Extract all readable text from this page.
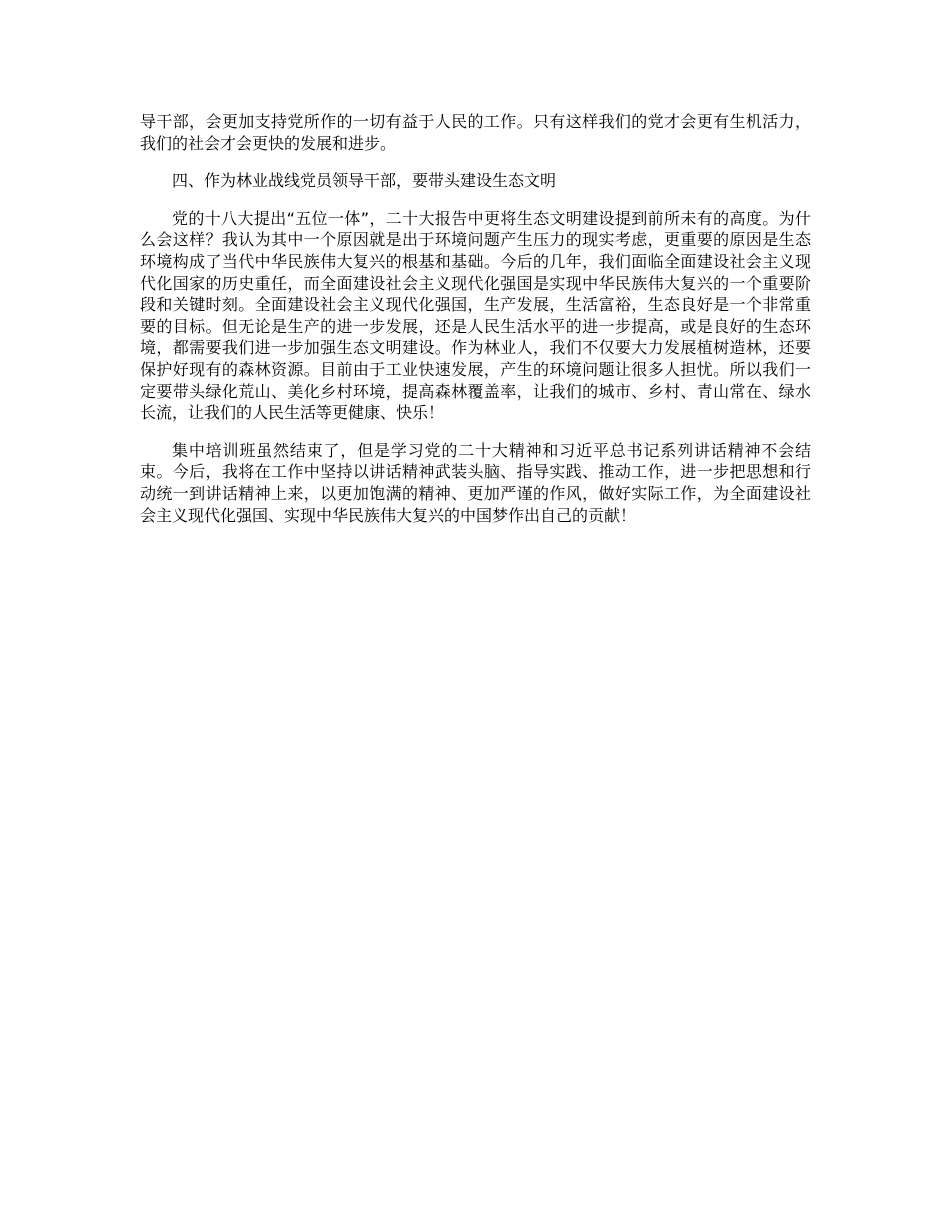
导干部，会更加支持党所作的一切有益于人民的工作。只有这样我们的党才会更有生机活力，我们的社会才会更快的发展和进步。

四、作为林业战线党员领导干部，要带头建设生态文明

党的十八大提出“五位一体”，二十大报告中更将生态文明建设提到前所未有的高度。为什么会这样？我认为其中一个原因就是出于环境问题产生压力的现实考虑，更重要的原因是生态环境构成了当代中华民族伟大复兴的根基和基础。今后的几年，我们面临全面建设社会主义现代化国家的历史重任，而全面建设社会主义现代化强国是实现中华民族伟大复兴的一个重要阶段和关键时刻。全面建设社会主义现代化强国，生产发展，生活富裕，生态良好是一个非常重要的目标。但无论是生产的进一步发展，还是人民生活水平的进一步提高，或是良好的生态环境，都需要我们进一步加强生态文明建设。作为林业人，我们不仅要大力发展植树造林，还要保护好现有的森林资源。目前由于工业快速发展，产生的环境问题让很多人担忧。所以我们一定要带头绿化荒山、美化乡村环境，提高森林覆盖率，让我们的城市、乡村、青山常在、绿水长流，让我们的人民生活等更健康、快乐！

集中培训班虽然结束了，但是学习党的二十大精神和习近平总书记系列讲话精神不会结束。今后，我将在工作中坚持以讲话精神武装头脑、指导实践、推动工作，进一步把思想和行动统一到讲话精神上来，以更加饱满的精神、更加严谨的作风，做好实际工作，为全面建设社会主义现代化强国、实现中华民族伟大复兴的中国梦作出自己的贡献！
